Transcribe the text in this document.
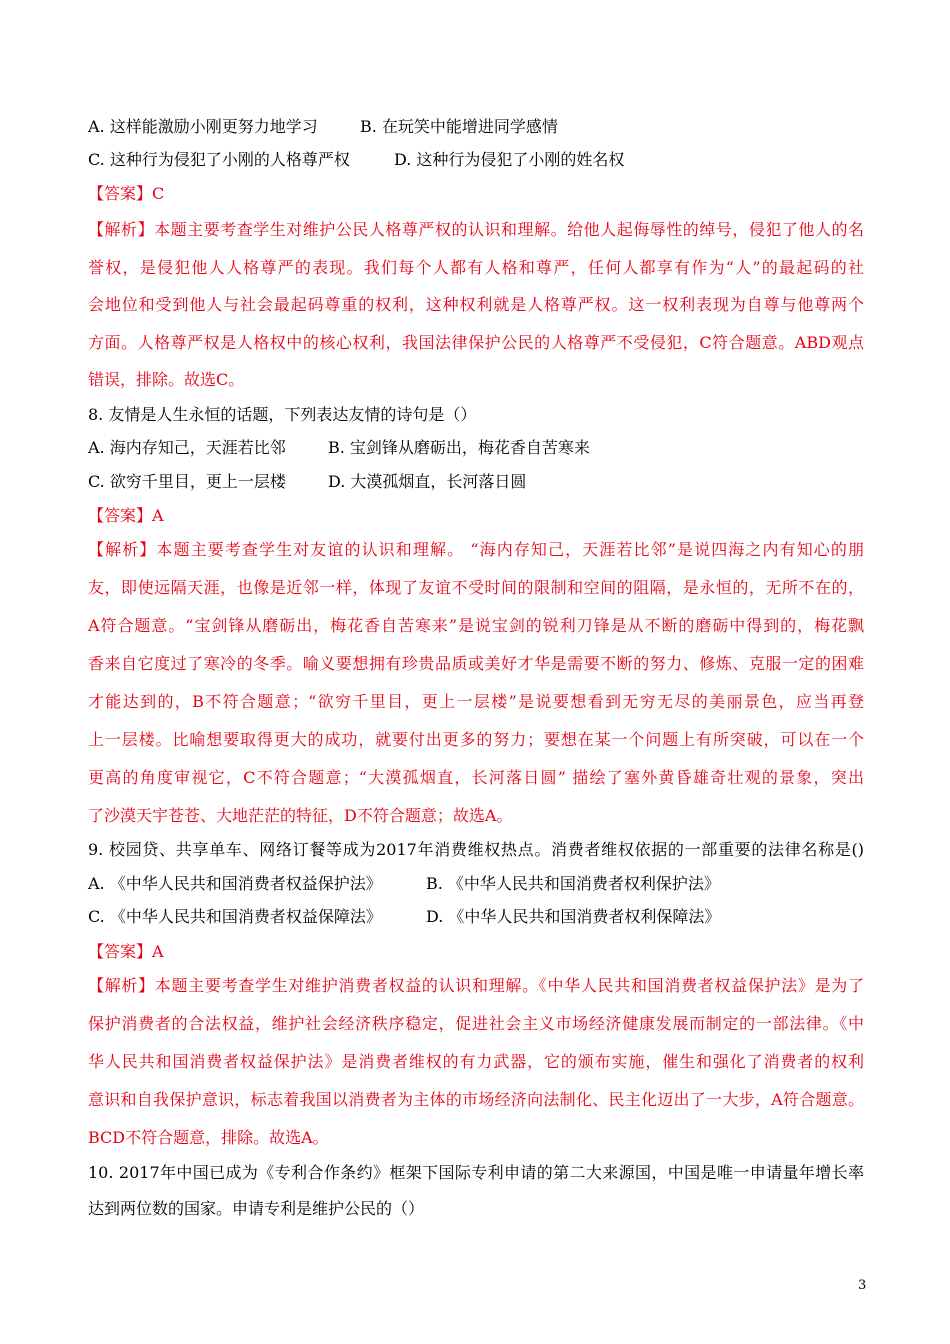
A. 这样能激励小刚更努力地学习	B. 在玩笑中能增进同学感情
C. 这种行为侵犯了小刚的人格尊严权	D. 这种行为侵犯了小刚的姓名权
【答案】C
【解析】本题主要考查学生对维护公民人格尊严权的认识和理解。给他人起侮辱性的绰号，侵犯了他人的名
誉权，是侵犯他人人格尊严的表现。我们每个人都有人格和尊严，任何人都享有作为“人”的最起码的社
会地位和受到他人与社会最起码尊重的权利，这种权利就是人格尊严权。这一权利表现为自尊与他尊两个
方面。人格尊严权是人格权中的核心权利，我国法律保护公民的人格尊严不受侵犯，C符合题意。ABD观点
错误，排除。故选C。
8. 友情是人生永恒的话题，下列表达友情的诗句是（）
A. 海内存知己，天涯若比邻	B. 宝剑锋从磨砺出，梅花香自苦寒来
C. 欲穷千里目，更上一层楼	D. 大漠孤烟直，长河落日圆
【答案】A
【解析】本题主要考查学生对友谊的认识和理解。 “海内存知己，天涯若比邻”是说四海之内有知心的朋
友，即使远隔天涯，也像是近邻一样，体现了友谊不受时间的限制和空间的阻隔，是永恒的，无所不在的，
A符合题意。“宝剑锋从磨砺出，梅花香自苦寒来”是说宝剑的锐利刀锋是从不断的磨砺中得到的，梅花飘
香来自它度过了寒冷的冬季。喻义要想拥有珍贵品质或美好才华是需要不断的努力、修炼、克服一定的困难
才能达到的，B不符合题意；“欲穷千里目，更上一层楼”是说要想看到无穷无尽的美丽景色，应当再登
上一层楼。比喻想要取得更大的成功，就要付出更多的努力；要想在某一个问题上有所突破，可以在一个
更高的角度审视它，C不符合题意；“大漠孤烟直，长河落日圆” 描绘了塞外黄昏雄奇壮观的景象，突出
了沙漠天宇苍苍、大地茫茫的特征，D不符合题意；故选A。
9. 校园贷、共享单车、网络订餐等成为2017年消费维权热点。消费者维权依据的一部重要的法律名称是()
A. 《中华人民共和国消费者权益保护法》	B. 《中华人民共和国消费者权利保护法》
C. 《中华人民共和国消费者权益保障法》	D. 《中华人民共和国消费者权利保障法》
【答案】A
【解析】本题主要考查学生对维护消费者权益的认识和理解。《中华人民共和国消费者权益保护法》是为了
保护消费者的合法权益，维护社会经济秩序稳定，促进社会主义市场经济健康发展而制定的一部法律。《中
华人民共和国消费者权益保护法》是消费者维权的有力武器，它的颁布实施，催生和强化了消费者的权利
意识和自我保护意识，标志着我国以消费者为主体的市场经济向法制化、民主化迈出了一大步，A符合题意。
BCD不符合题意，排除。故选A。
10. 2017年中国已成为《专利合作条约》框架下国际专利申请的第二大来源国，中国是唯一申请量年增长率
达到两位数的国家。申请专利是维护公民的（）
3
